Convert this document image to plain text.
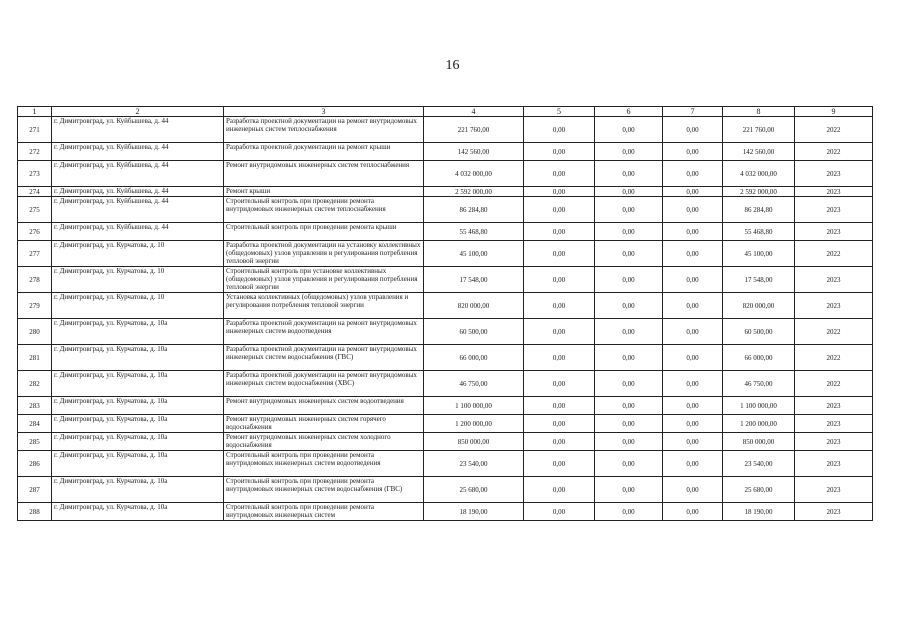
16
1	2	3	4	5	6	7	8	9
271	г. Димитровград, ул. Куйбышева, д. 44	Разработка проектной документации на ремонт внутридомовых инженерных систем теплоснабжения	221 760,00	0,00	0,00	0,00	221 760,00	2022
272	г. Димитровград, ул. Куйбышева, д. 44	Разработка проектной документации на ремонт крыши	142 560,00	0,00	0,00	0,00	142 560,00	2022
273	г. Димитровград, ул. Куйбышева, д. 44	Ремонт внутридомовых инженерных систем теплоснабжения	4 032 000,00	0,00	0,00	0,00	4 032 000,00	2023
274	г. Димитровград, ул. Куйбышева, д. 44	Ремонт крыши	2 592 000,00	0,00	0,00	0,00	2 592 000,00	2023
275	г. Димитровград, ул. Куйбышева, д. 44	Строительный контроль при проведении ремонта внутридомовых инженерных систем теплоснабжения	86 284,80	0,00	0,00	0,00	86 284,80	2023
276	г. Димитровград, ул. Куйбышева, д. 44	Строительный контроль при проведении ремонта крыши	55 468,80	0,00	0,00	0,00	55 468,80	2023
277	г. Димитровград, ул. Курчатова, д. 10	Разработка проектной документации на установку коллективных (общедомовых) узлов управления и регулирования потребления тепловой энергии	45 100,00	0,00	0,00	0,00	45 100,00	2022
278	г. Димитровград, ул. Курчатова, д. 10	Строительный контроль при установке коллективных (общедомовых) узлов управления и регулирования потребления тепловой энергии	17 548,00	0,00	0,00	0,00	17 548,00	2023
279	г. Димитровград, ул. Курчатова, д. 10	Установка коллективных (общедомовых) узлов управления и регулирования потребления тепловой энергии	820 000,00	0,00	0,00	0,00	820 000,00	2023
280	г. Димитровград, ул. Курчатова, д. 10а	Разработка проектной документации на ремонт внутридомовых инженерных систем водоотведения	60 500,00	0,00	0,00	0,00	60 500,00	2022
281	г. Димитровград, ул. Курчатова, д. 10а	Разработка проектной документации на ремонт внутридомовых инженерных систем водоснабжения (ГВС)	66 000,00	0,00	0,00	0,00	66 000,00	2022
282	г. Димитровград, ул. Курчатова, д. 10а	Разработка проектной документации на ремонт внутридомовых инженерных систем водоснабжения (ХВС)	46 750,00	0,00	0,00	0,00	46 750,00	2022
283	г. Димитровград, ул. Курчатова, д. 10а	Ремонт внутридомовых инженерных систем водоотведения	1 100 000,00	0,00	0,00	0,00	1 100 000,00	2023
284	г. Димитровград, ул. Курчатова, д. 10а	Ремонт внутридомовых инженерных систем горячего водоснабжения	1 200 000,00	0,00	0,00	0,00	1 200 000,00	2023
285	г. Димитровград, ул. Курчатова, д. 10а	Ремонт внутридомовых инженерных систем холодного водоснабжения	850 000,00	0,00	0,00	0,00	850 000,00	2023
286	г. Димитровград, ул. Курчатова, д. 10а	Строительный контроль при проведении ремонта внутридомовых инженерных систем водоотведения	23 540,00	0,00	0,00	0,00	23 540,00	2023
287	г. Димитровград, ул. Курчатова, д. 10а	Строительный контроль при проведении ремонта внутридомовых инженерных систем водоснабжения (ГВС)	25 680,00	0,00	0,00	0,00	25 680,00	2023
288	г. Димитровград, ул. Курчатова, д. 10а	Строительный контроль при проведении ремонта внутридомовых инженерных систем	18 190,00	0,00	0,00	0,00	18 190,00	2023
